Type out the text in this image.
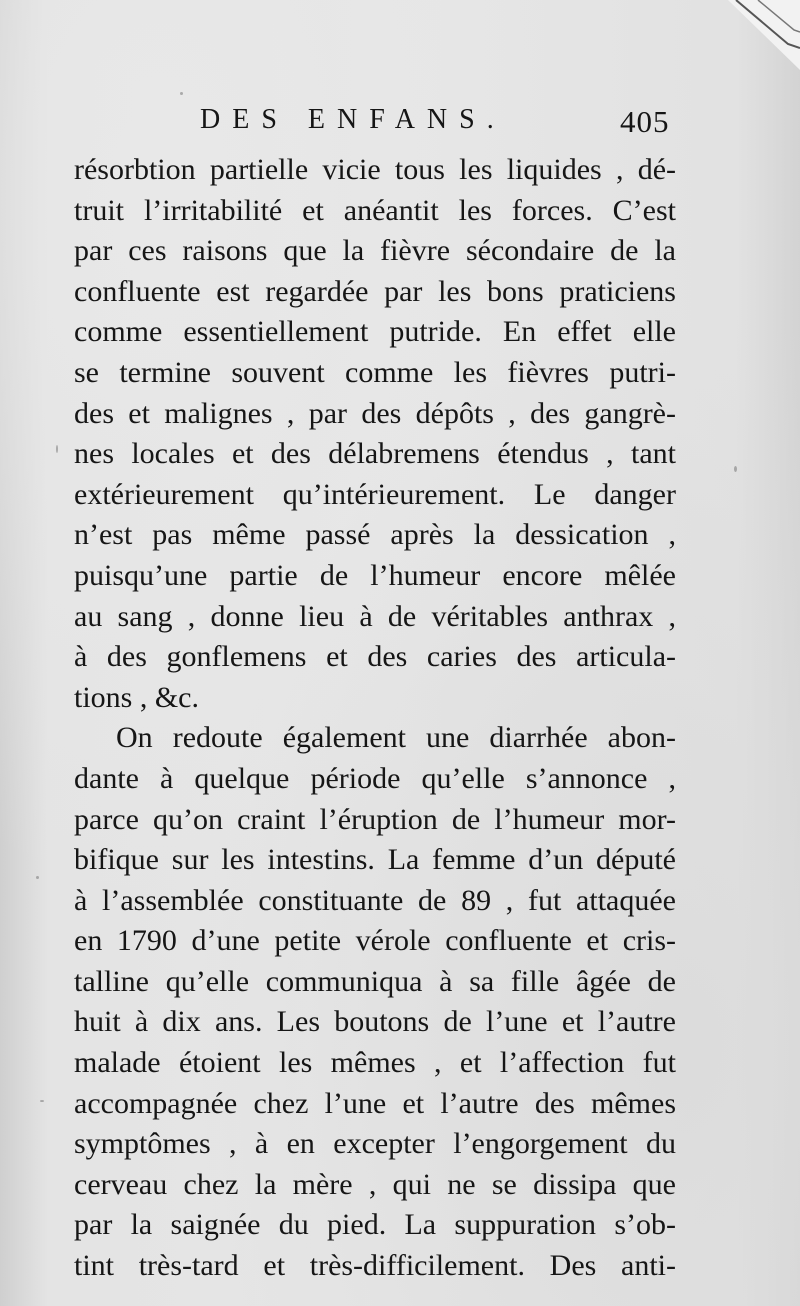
DES ENFANS.	405
résorbtion partielle vicie tous les liquides , dé-
truit l’irritabilité et anéantit les forces. C’est
par ces raisons que la fièvre sécondaire de la
confluente est regardée par les bons praticiens
comme essentiellement putride. En effet elle
se termine souvent comme les fièvres putri-
des et malignes , par des dépôts , des gangrè-
nes locales et des délabremens étendus , tant
extérieurement qu’intérieurement. Le danger
n’est pas même passé après la dessication ,
puisqu’une partie de l’humeur encore mêlée
au sang , donne lieu à de véritables anthrax ,
à des gonflemens et des caries des articula-
tions , &c.
On redoute également une diarrhée abon-
dante à quelque période qu’elle s’annonce ,
parce qu’on craint l’éruption de l’humeur mor-
bifique sur les intestins. La femme d’un député
à l’assemblée constituante de 89 , fut attaquée
en 1790 d’une petite vérole confluente et cris-
talline qu’elle communiqua à sa fille âgée de
huit à dix ans. Les boutons de l’une et l’autre
malade étoient les mêmes , et l’affection fut
accompagnée chez l’une et l’autre des mêmes
symptômes , à en excepter l’engorgement du
cerveau chez la mère , qui ne se dissipa que
par la saignée du pied. La suppuration s’ob-
tint très-tard et très-difficilement. Des anti-
